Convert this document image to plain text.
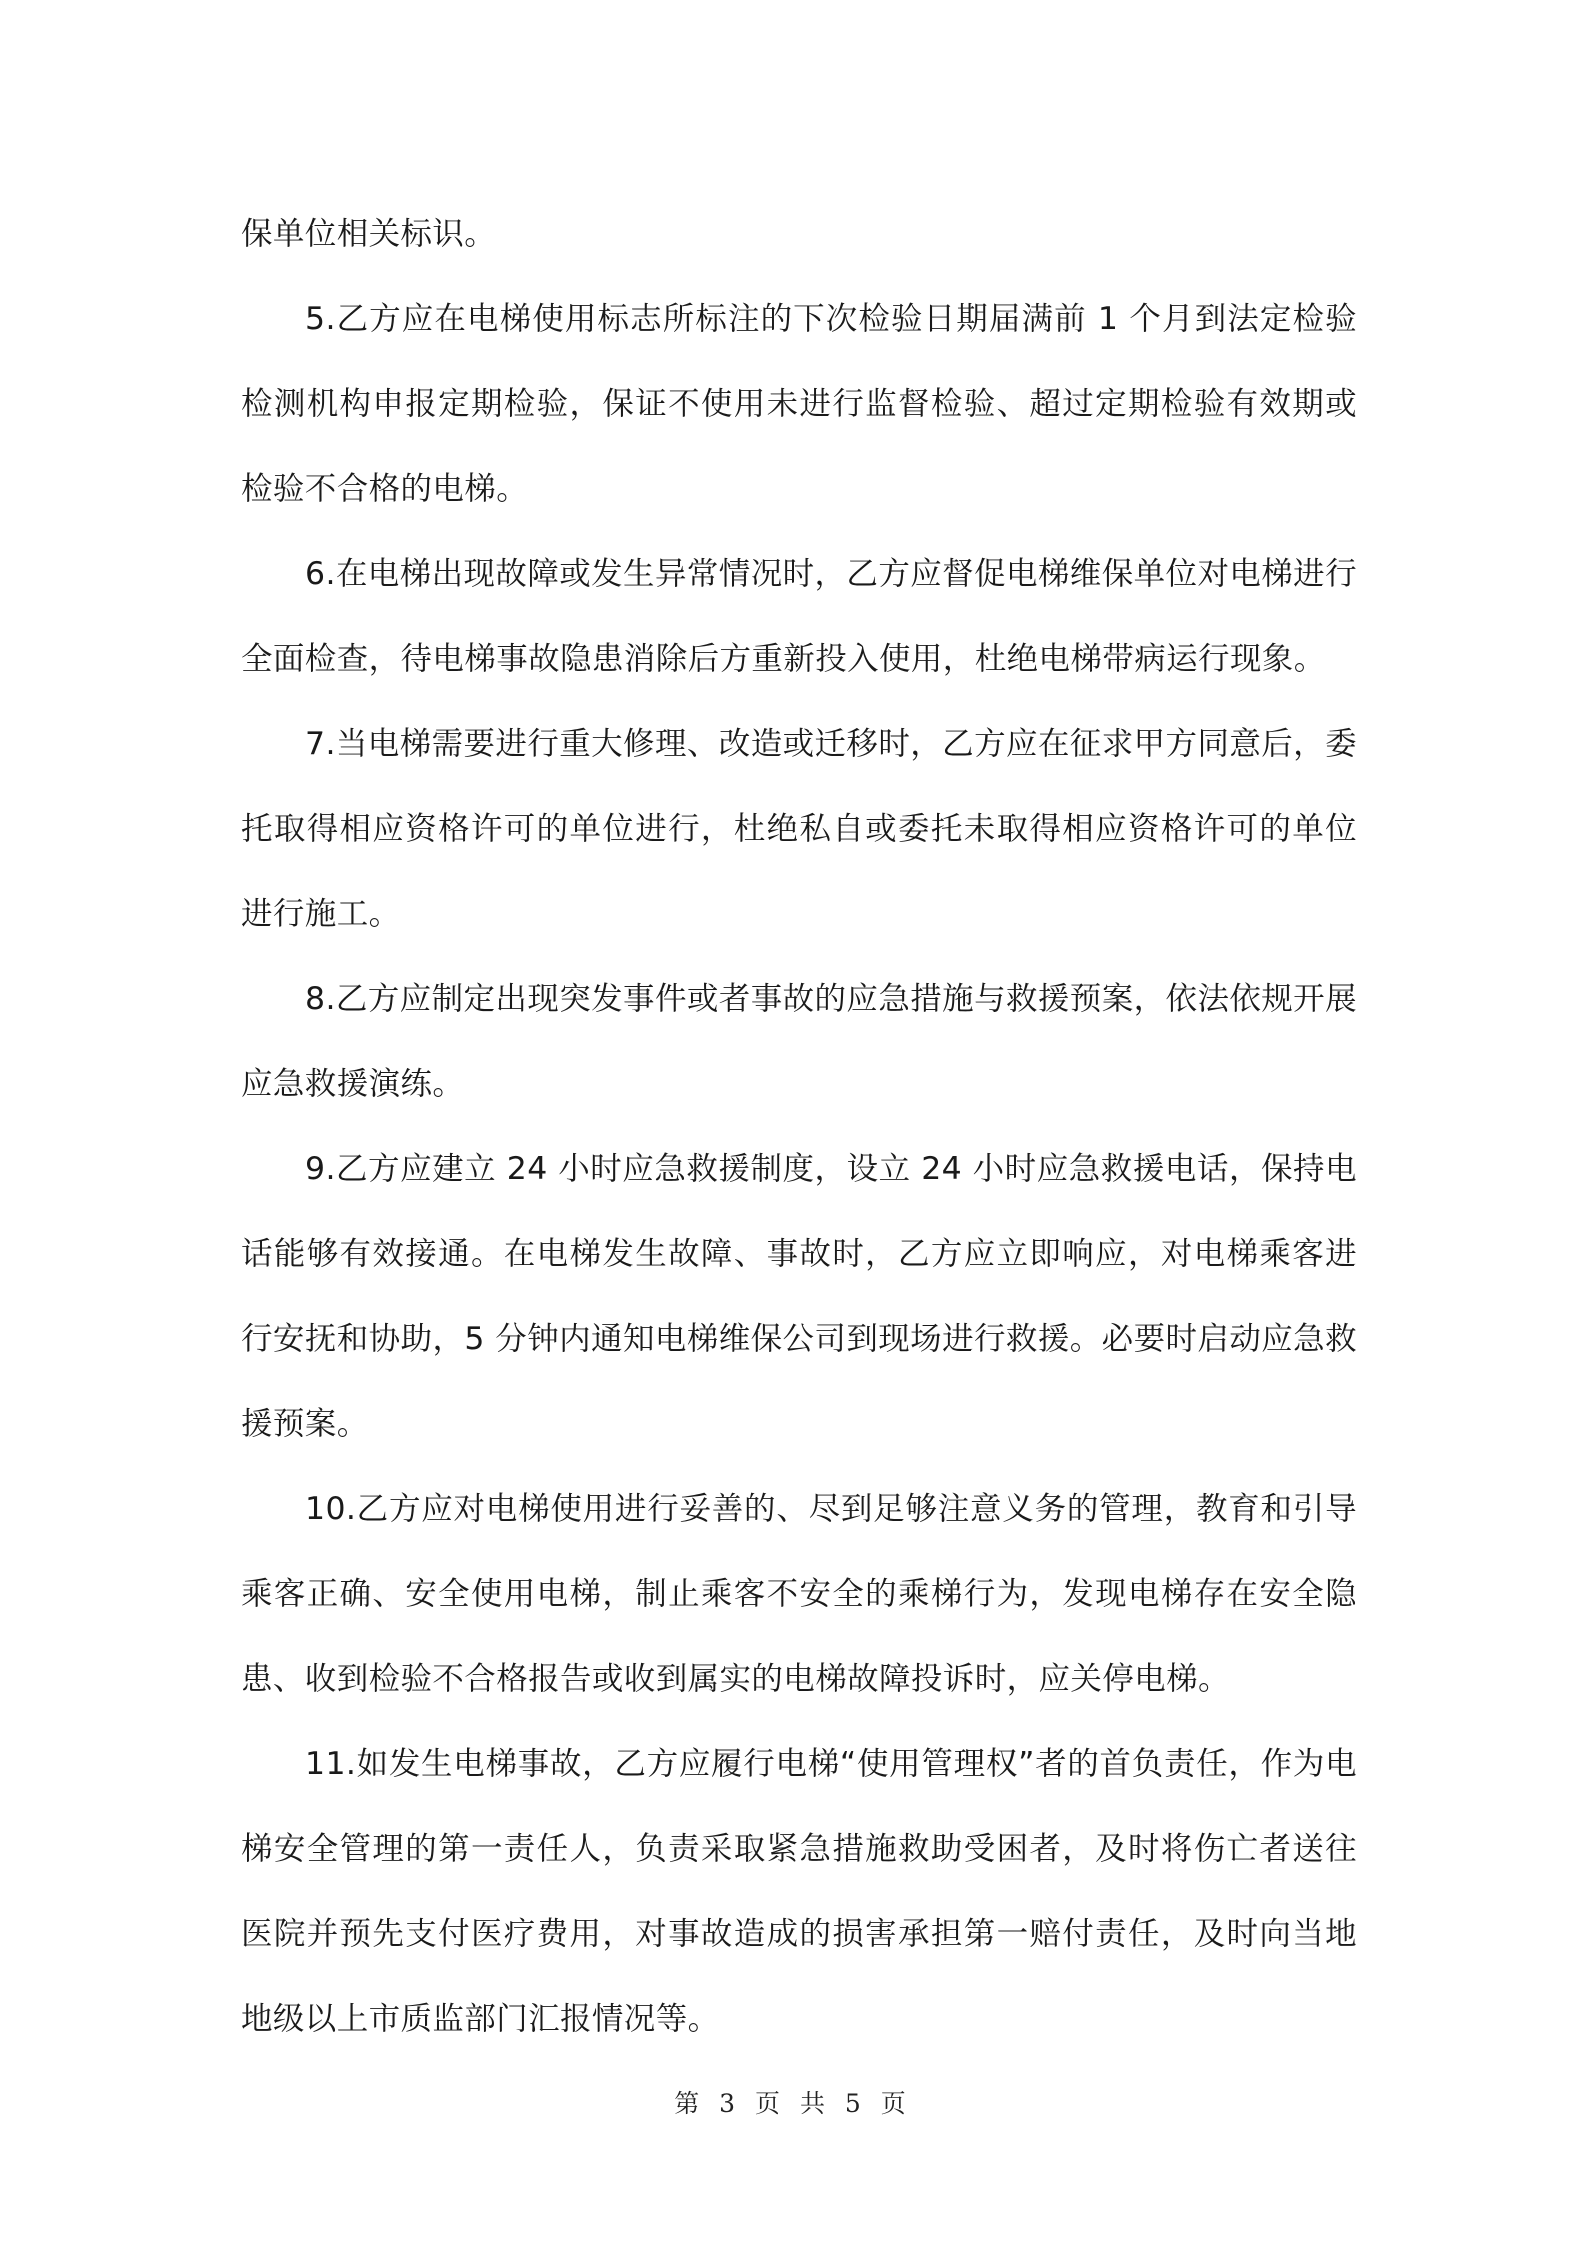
保单位相关标识。

5.乙方应在电梯使用标志所标注的下次检验日期届满前 1 个月到法定检验检测机构申报定期检验，保证不使用未进行监督检验、超过定期检验有效期或检验不合格的电梯。

6.在电梯出现故障或发生异常情况时，乙方应督促电梯维保单位对电梯进行全面检查，待电梯事故隐患消除后方重新投入使用，杜绝电梯带病运行现象。

7.当电梯需要进行重大修理、改造或迁移时，乙方应在征求甲方同意后，委托取得相应资格许可的单位进行，杜绝私自或委托未取得相应资格许可的单位进行施工。

8.乙方应制定出现突发事件或者事故的应急措施与救援预案，依法依规开展应急救援演练。

9.乙方应建立 24 小时应急救援制度，设立 24 小时应急救援电话，保持电话能够有效接通。在电梯发生故障、事故时，乙方应立即响应，对电梯乘客进行安抚和协助，5 分钟内通知电梯维保公司到现场进行救援。必要时启动应急救援预案。

10.乙方应对电梯使用进行妥善的、尽到足够注意义务的管理，教育和引导乘客正确、安全使用电梯，制止乘客不安全的乘梯行为，发现电梯存在安全隐患、收到检验不合格报告或收到属实的电梯故障投诉时，应关停电梯。

11.如发生电梯事故，乙方应履行电梯“使用管理权”者的首负责任，作为电梯安全管理的第一责任人，负责采取紧急措施救助受困者，及时将伤亡者送往医院并预先支付医疗费用，对事故造成的损害承担第一赔付责任，及时向当地地级以上市质监部门汇报情况等。

第 3 页 共 5 页
